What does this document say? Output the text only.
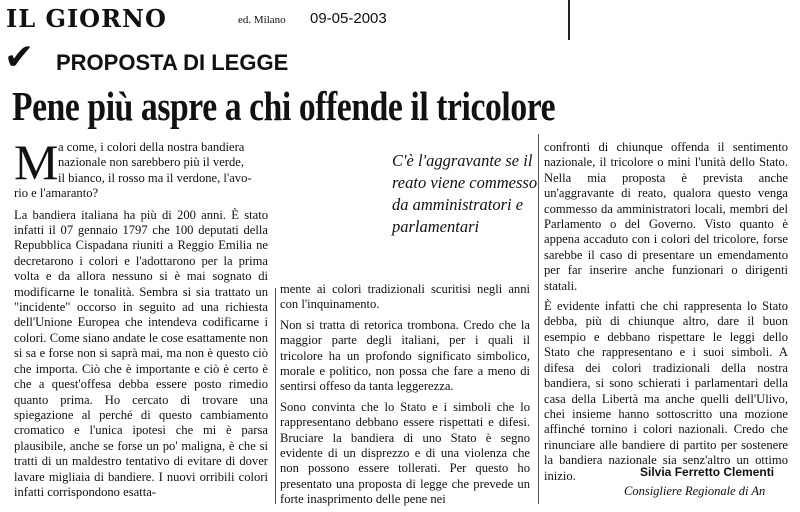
IL GIORNO	ed. Milano 09-05-2003
✔ PROPOSTA DI LEGGE
Pene più aspre a chi offende il tricolore
M a come, i colori della nostra bandiera
nazionale non sarebbero più il verde,
il bianco, il rosso ma il verdone, l'avo-
rio e l'amaranto?

La bandiera italiana ha più di 200 anni. È stato infatti il 07 gennaio 1797 che 100 deputati della Repubblica Cispadana riuniti a Reggio Emilia ne decretarono i colori e l'adottarono per la prima volta e da allora nessuno si è mai sognato di modificarne le tonalità. Sembra si sia trattato un "incidente" occorso in seguito ad una richiesta dell'Unione Europea che intendeva codificarne i colori. Come siano andate le cose esattamente non si sa e forse non si saprà mai, ma non è questo ciò che importa. Ciò che è importante e ciò è certo è che a quest'offesa debba essere posto rimedio quanto prima. Ho cercato di trovare una spiegazione al perché di questo cambiamento cromatico e l'unica ipotesi che mi è parsa plausibile, anche se forse un po' maligna, è che si tratti di un maldestro tentativo di evitare di dover lavare migliaia di bandiere. I nuovi orribili colori infatti corrispondono esatta-

C'è l'aggravante se il reato viene commesso da amministratori e parlamentari

mente ai colori tradizionali scuritisi negli anni con l'inquinamento.

Non si tratta di retorica trombona. Credo che la maggior parte degli italiani, per i quali il tricolore ha un profondo significato simbolico, morale e politico, non possa che fare a meno di sentirsi offeso da tanta leggerezza.

Sono convinta che lo Stato e i simboli che lo rappresentano debbano essere rispettati e difesi. Bruciare la bandiera di uno Stato è segno evidente di un disprezzo e di una violenza che non possono essere tollerati. Per questo ho presentato una proposta di legge che prevede un forte inasprimento delle pene nei

confronti di chiunque offenda il sentimento nazionale, il tricolore o mini l'unità dello Stato. Nella mia proposta è prevista anche un'aggravante di reato, qualora questo venga commesso da amministratori locali, membri del Parlamento o del Governo. Visto quanto è appena accaduto con i colori del tricolore, forse sarebbe il caso di presentare un emendamento per far inserire anche funzionari o dirigenti statali.

È evidente infatti che chi rappresenta lo Stato debba, più di chiunque altro, dare il buon esempio e debbano rispettare le leggi dello Stato che rappresentano e i suoi simboli. A difesa dei colori tradizionali della nostra bandiera, si sono schierati i parlamentari della casa della Libertà ma anche quelli dell'Ulivo, chei insieme hanno sottoscritto una mozione affinché tornino i colori nazionali. Credo che rinunciare alle bandiere di partito per sostenere la bandiera nazionale sia senz'altro un ottimo inizio.	Silvia Ferretto Clementi
Consigliere Regionale di An
